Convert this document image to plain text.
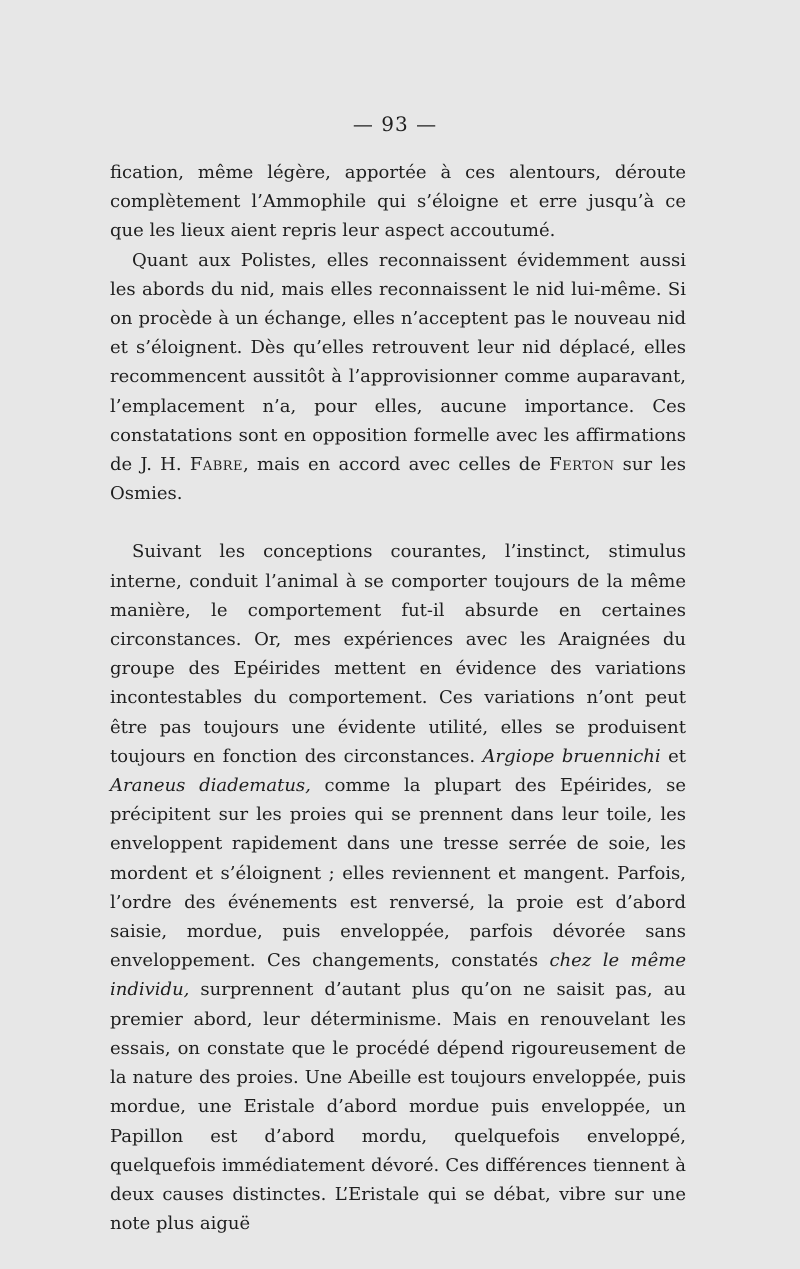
— 93 —

fication, même légère, apportée à ces alentours, déroute complètement l’Ammophile qui s’éloigne et erre jusqu’à ce que les lieux aient repris leur aspect accoutumé.

Quant aux Polistes, elles reconnaissent évidemment aussi les abords du nid, mais elles reconnaissent le nid lui-même. Si on procède à un échange, elles n’acceptent pas le nouveau nid et s’éloignent. Dès qu’elles retrouvent leur nid déplacé, elles recommencent aussitôt à l’approvisionner comme auparavant, l’emplacement n’a, pour elles, aucune importance. Ces constatations sont en opposition formelle avec les affirmations de J. H. Fabre, mais en accord avec celles de Ferton sur les Osmies.

Suivant les conceptions courantes, l’instinct, stimulus interne, conduit l’animal à se comporter toujours de la même manière, le comportement fut-il absurde en certaines circonstances. Or, mes expériences avec les Araignées du groupe des Epéirides mettent en évidence des variations incontestables du comportement. Ces variations n’ont peut être pas toujours une évidente utilité, elles se produisent toujours en fonction des circonstances. Argiope bruennichi et Araneus diadematus, comme la plupart des Epéirides, se précipitent sur les proies qui se prennent dans leur toile, les enveloppent rapidement dans une tresse serrée de soie, les mordent et s’éloignent ; elles reviennent et mangent. Parfois, l’ordre des événements est renversé, la proie est d’abord saisie, mordue, puis enveloppée, parfois dévorée sans enveloppement. Ces changements, constatés chez le même individu, surprennent d’autant plus qu’on ne saisit pas, au premier abord, leur déterminisme. Mais en renouvelant les essais, on constate que le procédé dépend rigoureusement de la nature des proies. Une Abeille est toujours enveloppée, puis mordue, une Eristale d’abord mordue puis enveloppée, un Papillon est d’abord mordu, quelquefois enveloppé, quelquefois immédiatement dévoré. Ces différences tiennent à deux causes distinctes. L’Eristale qui se débat, vibre sur une note plus aiguë
